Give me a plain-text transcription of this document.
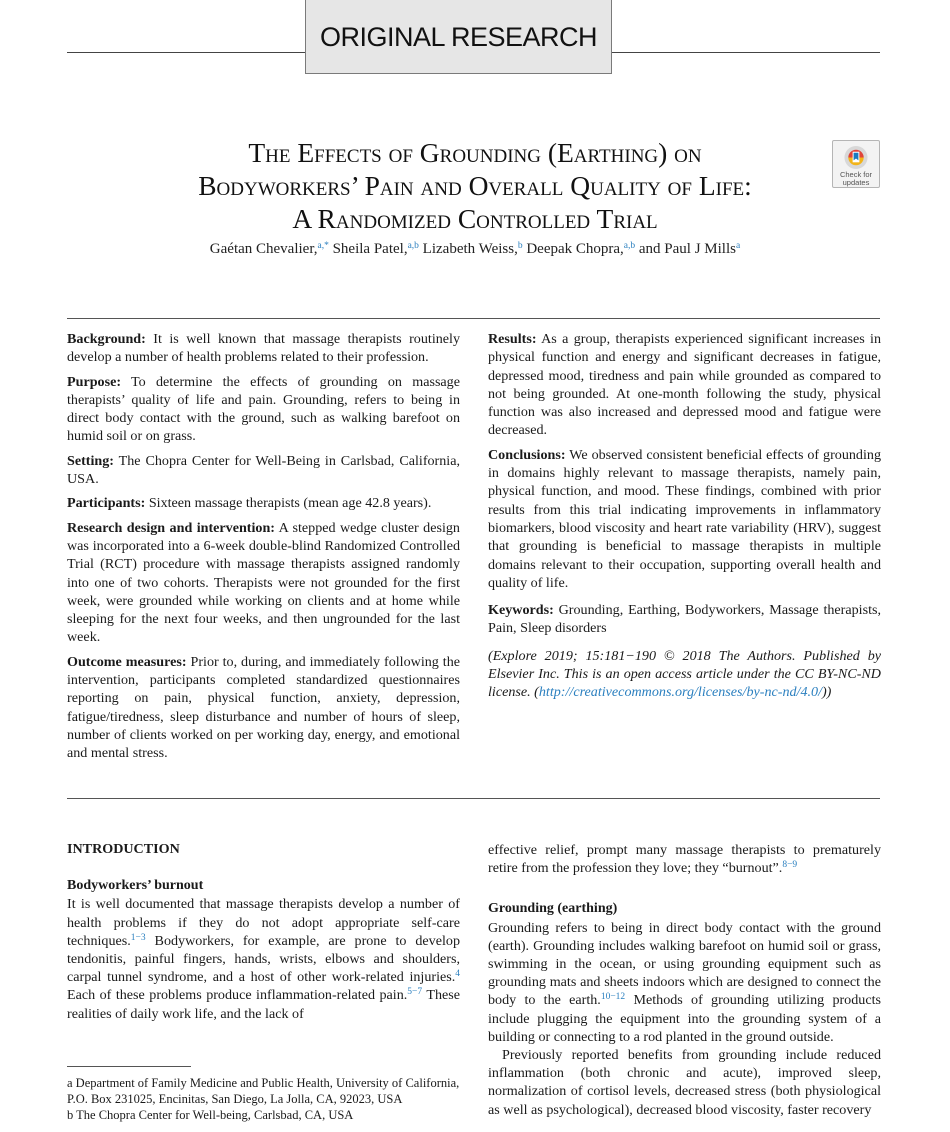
ORIGINAL RESEARCH
The Effects of Grounding (Earthing) on
Bodyworkers’ Pain and Overall Quality of Life:
A Randomized Controlled Trial
Check for updates
Gaétan Chevalier,$^{a,*}$ Sheila Patel,$^{a,b}$ Lizabeth Weiss,$^b$ Deepak Chopra,$^{a,b}$ and Paul J Mills$^a$

Background: It is well known that massage therapists routinely develop a number of health problems related to their profession.

Purpose: To determine the effects of grounding on massage therapists’ quality of life and pain. Grounding, refers to being in direct body contact with the ground, such as walking barefoot on humid soil or on grass.

Setting: The Chopra Center for Well-Being in Carlsbad, California, USA.

Participants: Sixteen massage therapists (mean age 42.8 years).

Research design and intervention: A stepped wedge cluster design was incorporated into a 6-week double-blind Randomized Controlled Trial (RCT) procedure with massage therapists assigned randomly into one of two cohorts. Therapists were not grounded for the first week, were grounded while working on clients and at home while sleeping for the next four weeks, and then ungrounded for the last week.

Outcome measures: Prior to, during, and immediately following the intervention, participants completed standardized questionnaires reporting on pain, physical function, anxiety, depression, fatigue/tiredness, sleep disturbance and number of hours of sleep, number of clients worked on per working day, energy, and emotional and mental stress.

Results: As a group, therapists experienced significant increases in physical function and energy and significant decreases in fatigue, depressed mood, tiredness and pain while grounded as compared to not being grounded. At one-month following the study, physical function was also increased and depressed mood and fatigue were decreased.

Conclusions: We observed consistent beneficial effects of grounding in domains highly relevant to massage therapists, namely pain, physical function, and mood. These findings, combined with prior results from this trial indicating improvements in inflammatory biomarkers, blood viscosity and heart rate variability (HRV), suggest that grounding is beneficial to massage therapists in multiple domains relevant to their occupation, supporting overall health and quality of life.

Keywords: Grounding, Earthing, Bodyworkers, Massage therapists, Pain, Sleep disorders

(Explore 2019; 15:181−190 © 2018 The Authors. Published by Elsevier Inc. This is an open access article under the CC BY-NC-ND license. (http://creativecommons.org/licenses/by-nc-nd/4.0/))

INTRODUCTION
Bodyworkers’ burnout

It is well documented that massage therapists develop a number of health problems if they do not adopt appropriate self-care techniques.$^{1-3}$ Bodyworkers, for example, are prone to develop tendonitis, painful fingers, hands, wrists, elbows and shoulders, carpal tunnel syndrome, and a host of other work-related injuries.$^4$ Each of these problems produce inflammation-related pain.$^{5-7}$ These realities of daily work life, and the lack of

effective relief, prompt many massage therapists to prematurely retire from the profession they love; they “burnout”.$^{8-9}$

Grounding (earthing)

Grounding refers to being in direct body contact with the ground (earth). Grounding includes walking barefoot on humid soil or grass, swimming in the ocean, or using grounding equipment such as grounding mats and sheets indoors which are designed to connect the body to the earth.$^{10-12}$ Methods of grounding utilizing products include plugging the equipment into the grounding system of a building or connecting to a rod planted in the ground outside.

Previously reported benefits from grounding include reduced inflammation (both chronic and acute), improved sleep, normalization of cortisol levels, decreased stress (both physiological as well as psychological), decreased blood viscosity, faster recovery

a Department of Family Medicine and Public Health, University of California, P.O. Box 231025, Encinitas, San Diego, La Jolla, CA, 92023, USA

b The Chopra Center for Well-being, Carlsbad, CA, USA
